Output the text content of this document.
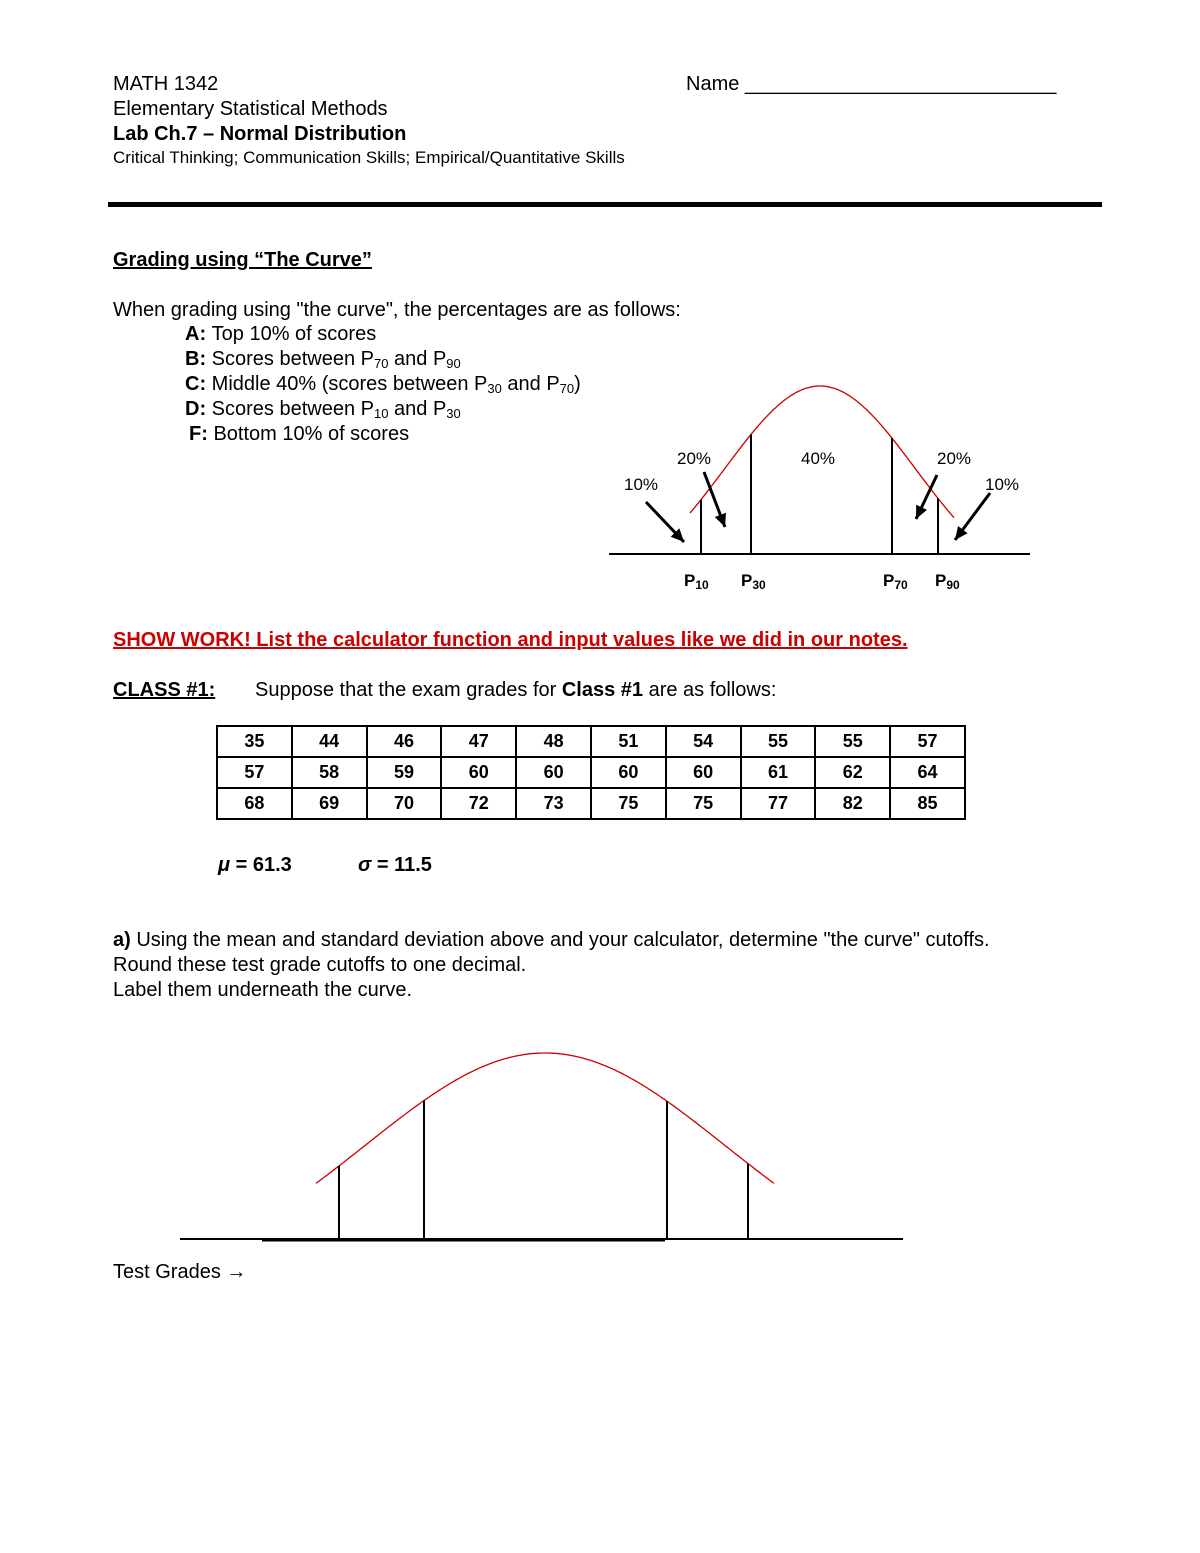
MATH 1342	Name ____________________________
Elementary Statistical Methods
Lab Ch.7 – Normal Distribution
Critical Thinking; Communication Skills; Empirical/Quantitative Skills
Grading using “The Curve”
When grading using "the curve", the percentages are as follows:
A: Top 10% of scores
B: Scores between $P_{70}$ and $P_{90}$
C: Middle 40% (scores between $P_{30}$ and $P_{70}$)
D: Scores between $P_{10}$ and $P_{30}$
F: Bottom 10% of scores
10%
20%	40%	20%
10%
P10 P30	P70 P90
SHOW WORK! List the calculator function and input values like we did in our notes.
CLASS #1: Suppose that the exam grades for Class #1 are as follows:
35	44	46	47	48	51	54	55	55	57
57	58	59	60	60	60	60	61	62	64
68	69	70	72	73	75	75	77	82	85
μ = 61.3	σ = 11.5
a) Using the mean and standard deviation above and your calculator, determine "the curve" cutoffs.
Round these test grade cutoffs to one decimal.
Label them underneath the curve.
Test Grades →
